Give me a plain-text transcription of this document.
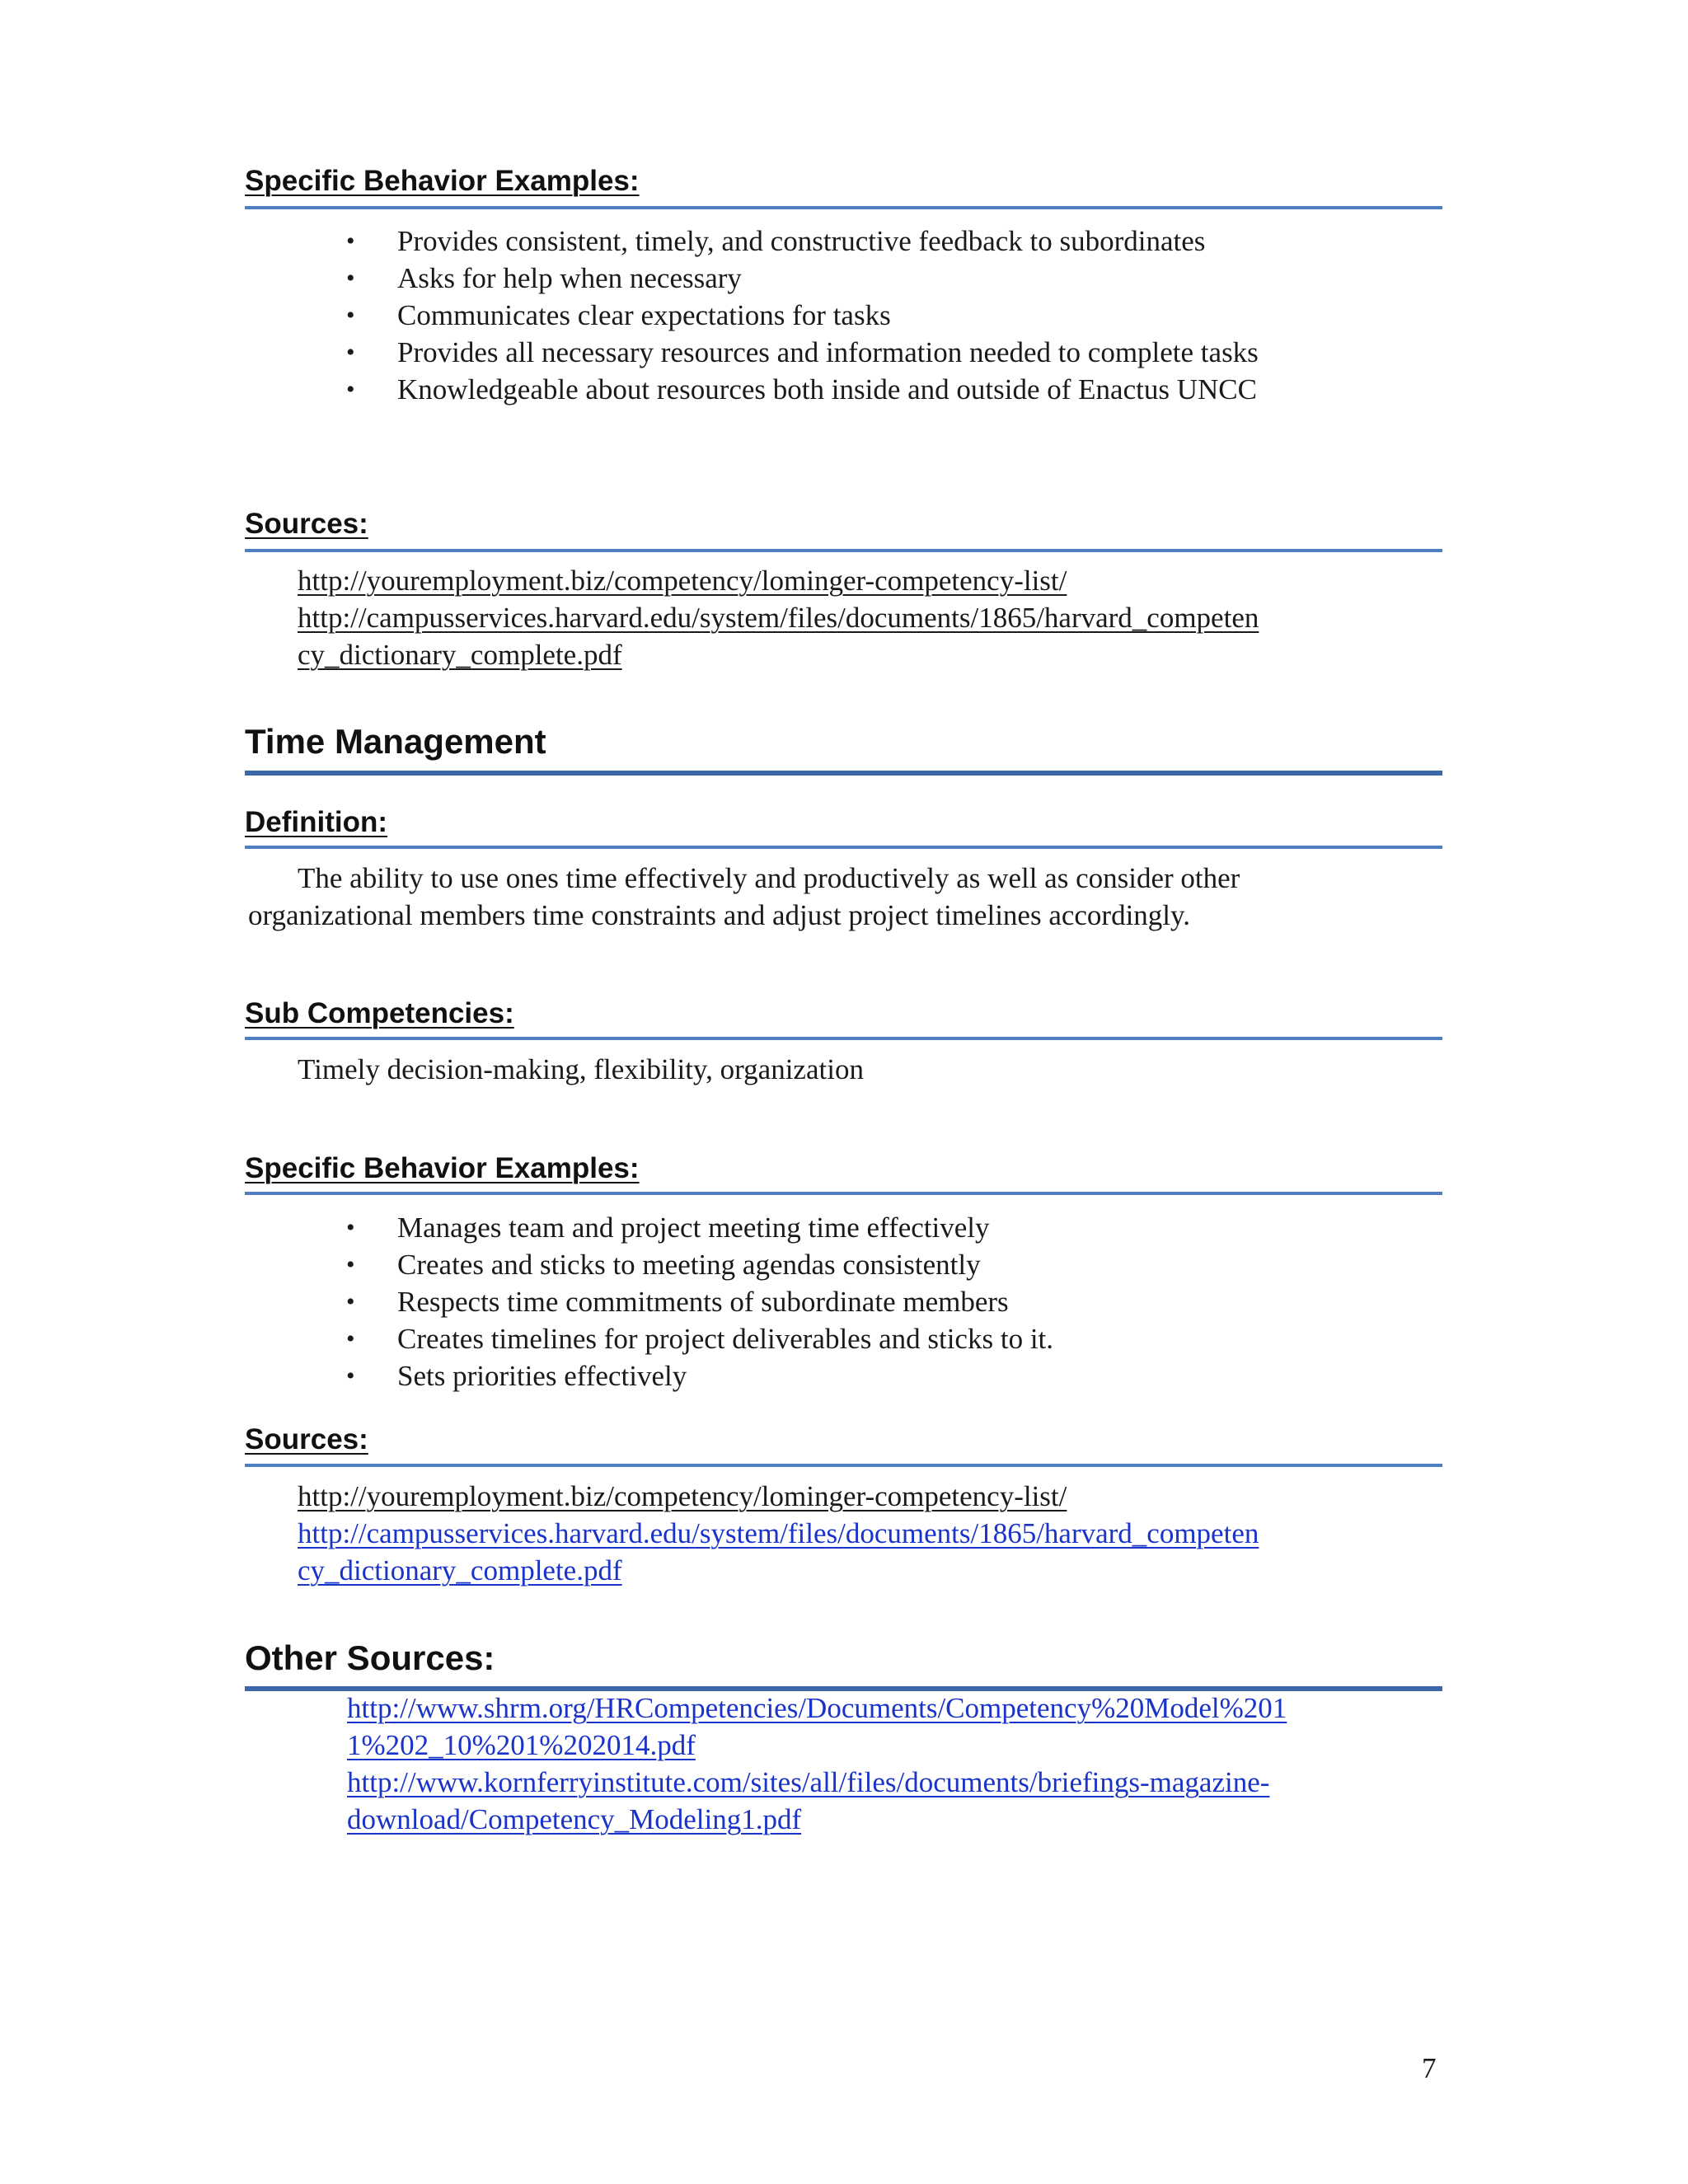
Specific Behavior Examples:
• Provides consistent, timely, and constructive feedback to subordinates
• Asks for help when necessary
• Communicates clear expectations for tasks
• Provides all necessary resources and information needed to complete tasks
• Knowledgeable about resources both inside and outside of Enactus UNCC
Sources:
http://youremployment.biz/competency/lominger-competency-list/
http://campusservices.harvard.edu/system/files/documents/1865/harvard_competen
cy_dictionary_complete.pdf
Time Management
Definition:
The ability to use ones time effectively and productively as well as consider other
organizational members time constraints and adjust project timelines accordingly.
Sub Competencies:
Timely decision-making, flexibility, organization
Specific Behavior Examples:
• Manages team and project meeting time effectively
• Creates and sticks to meeting agendas consistently
• Respects time commitments of subordinate members
• Creates timelines for project deliverables and sticks to it.
• Sets priorities effectively
Sources:
http://youremployment.biz/competency/lominger-competency-list/
http://campusservices.harvard.edu/system/files/documents/1865/harvard_competen
cy_dictionary_complete.pdf
Other Sources:
http://www.shrm.org/HRCompetencies/Documents/Competency%20Model%201
1%202_10%201%202014.pdf
http://www.kornferryinstitute.com/sites/all/files/documents/briefings-magazine-
download/Competency_Modeling1.pdf
7
